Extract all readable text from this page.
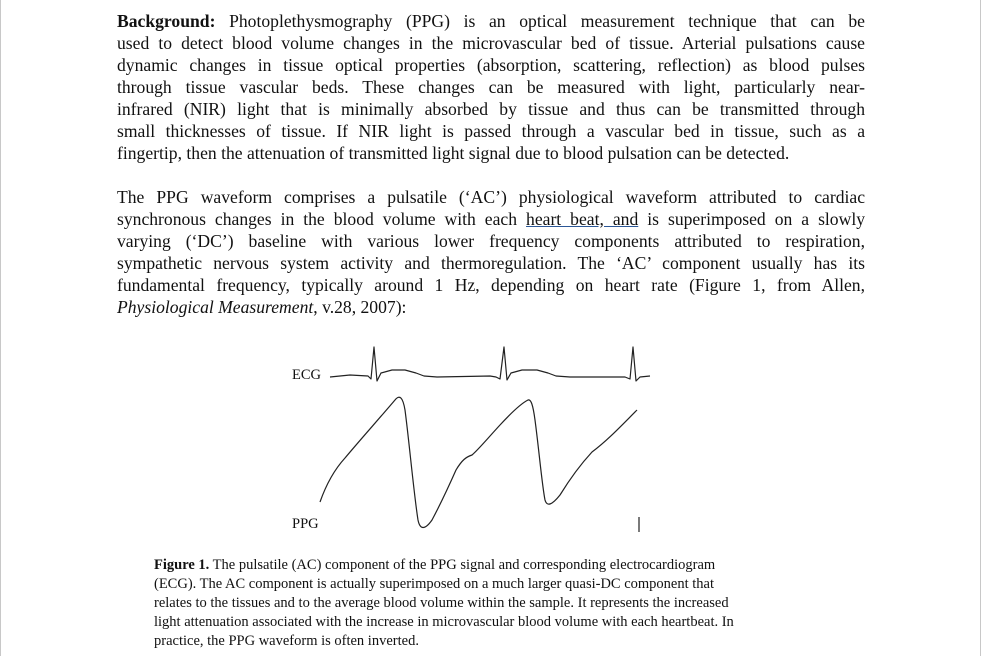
Background: Photoplethysmography (PPG) is an optical measurement technique that can be
used to detect blood volume changes in the microvascular bed of tissue. Arterial pulsations cause
dynamic changes in tissue optical properties (absorption, scattering, reflection) as blood pulses
through tissue vascular beds. These changes can be measured with light, particularly near-
infrared (NIR) light that is minimally absorbed by tissue and thus can be transmitted through
small thicknesses of tissue. If NIR light is passed through a vascular bed in tissue, such as a
fingertip, then the attenuation of transmitted light signal due to blood pulsation can be detected.
The PPG waveform comprises a pulsatile (‘AC’) physiological waveform attributed to cardiac
synchronous changes in the blood volume with each heart beat, and is superimposed on a slowly
varying (‘DC’) baseline with various lower frequency components attributed to respiration,
sympathetic nervous system activity and thermoregulation. The ‘AC’ component usually has its
fundamental frequency, typically around 1 Hz, depending on heart rate (Figure 1, from Allen,
Physiological Measurement, v.28, 2007):
ECG
PPG
Figure 1. The pulsatile (AC) component of the PPG signal and corresponding electrocardiogram
(ECG). The AC component is actually superimposed on a much larger quasi-DC component that
relates to the tissues and to the average blood volume within the sample. It represents the increased
light attenuation associated with the increase in microvascular blood volume with each heartbeat. In
practice, the PPG waveform is often inverted.
